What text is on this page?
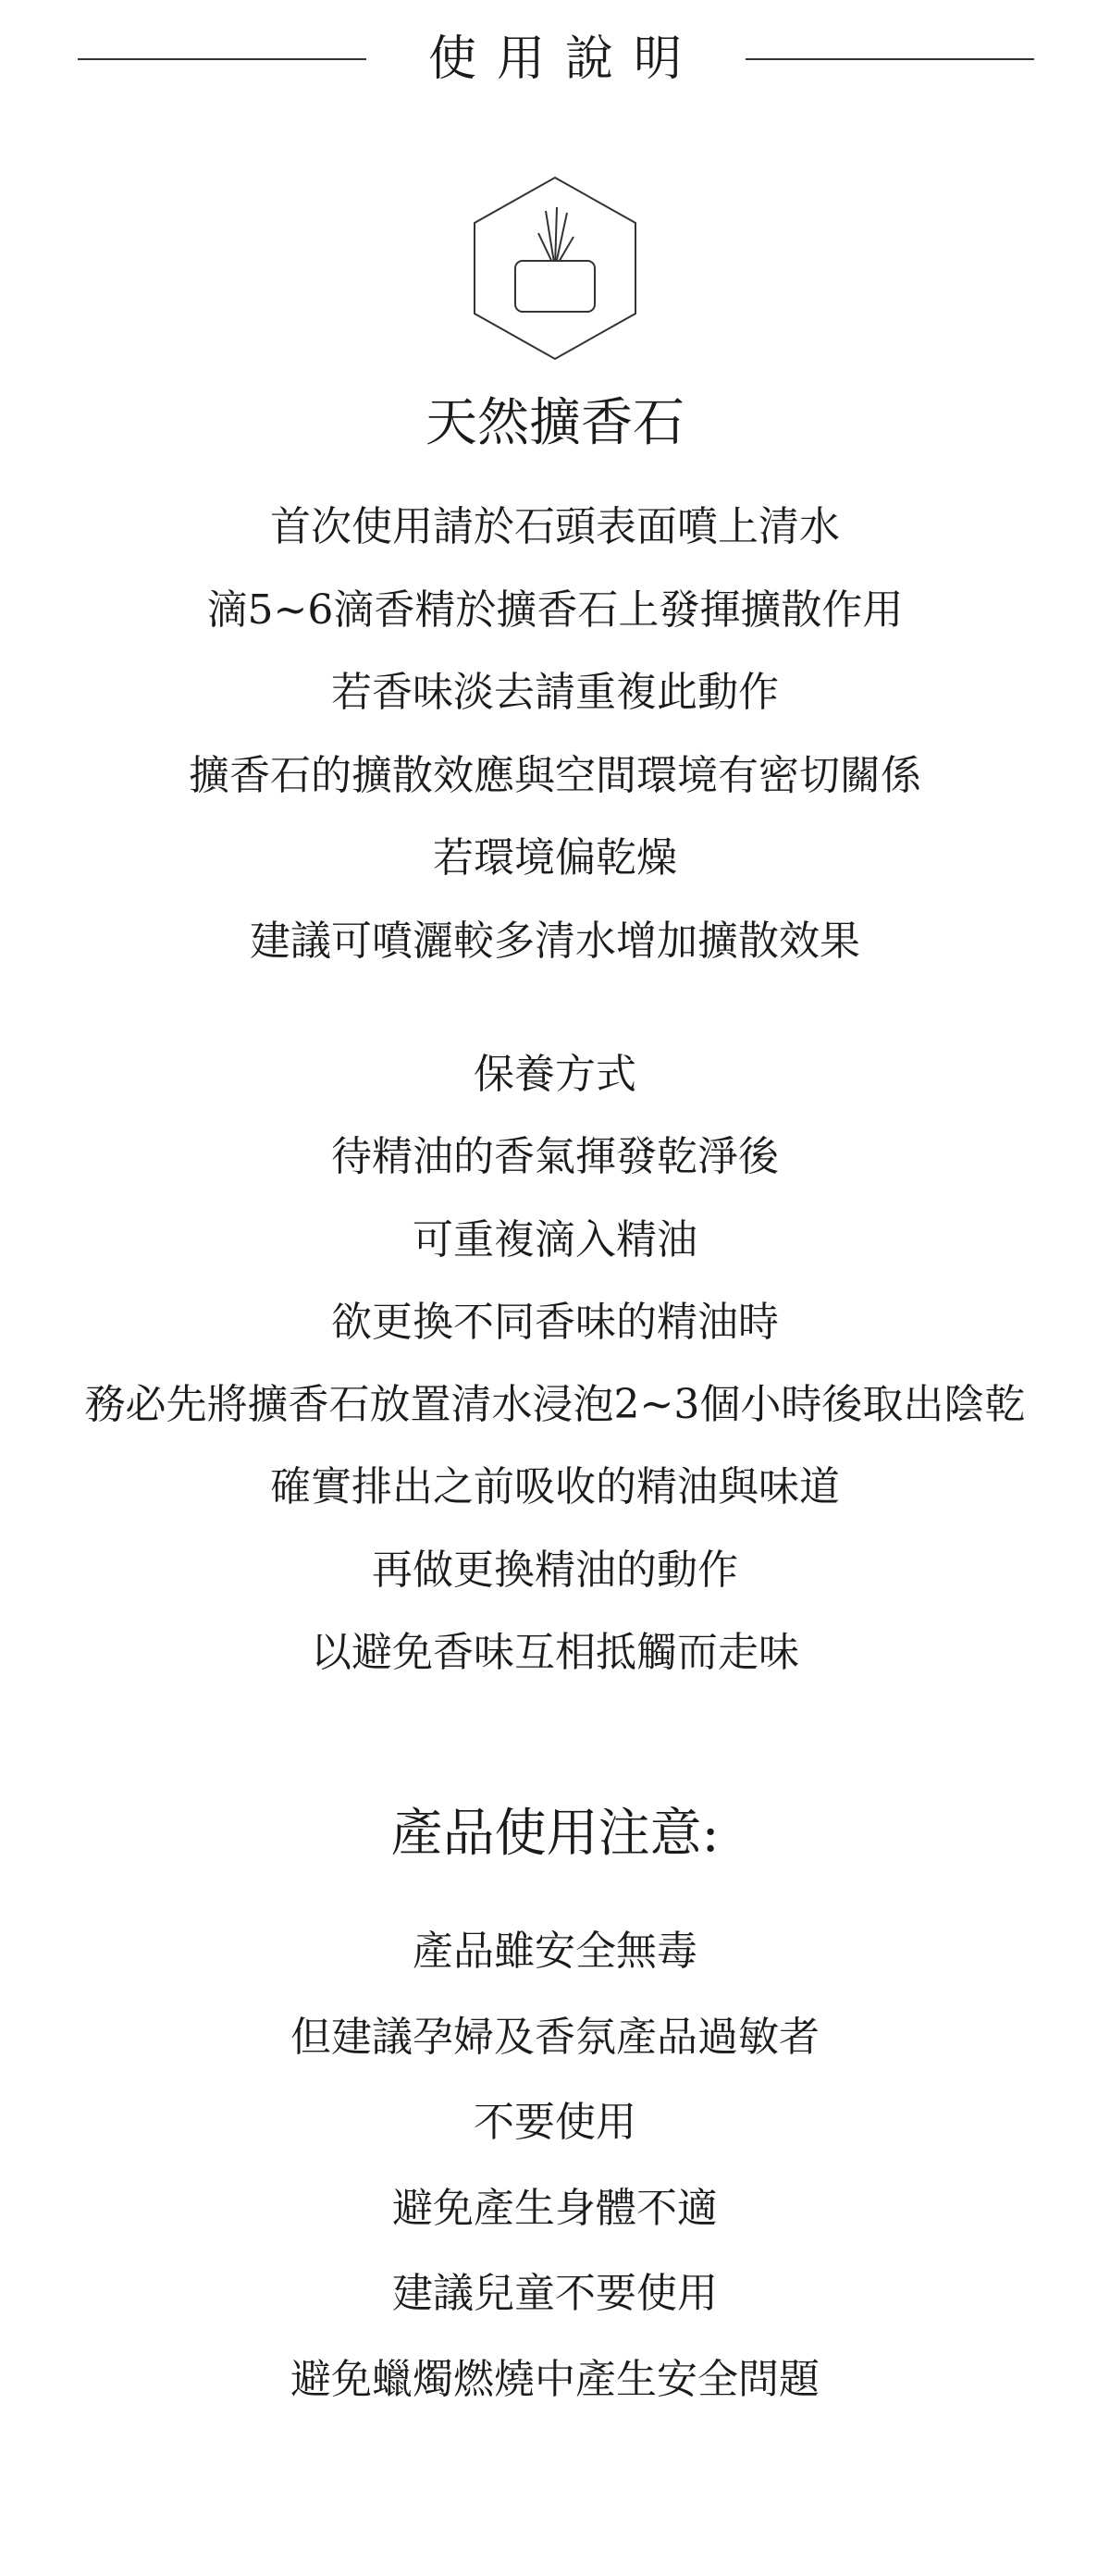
使用說明
天然擴香石
首次使用請於石頭表面噴上清水
滴5~6滴香精於擴香石上發揮擴散作用
若香味淡去請重複此動作
擴香石的擴散效應與空間環境有密切關係
若環境偏乾燥
建議可噴灑較多清水增加擴散效果
保養方式
待精油的香氣揮發乾淨後
可重複滴入精油
欲更換不同香味的精油時
務必先將擴香石放置清水浸泡2~3個小時後取出陰乾
確實排出之前吸收的精油與味道
再做更換精油的動作
以避免香味互相抵觸而走味
產品使用注意:
產品雖安全無毒
但建議孕婦及香氛產品過敏者
不要使用
避免產生身體不適
建議兒童不要使用
避免蠟燭燃燒中產生安全問題
